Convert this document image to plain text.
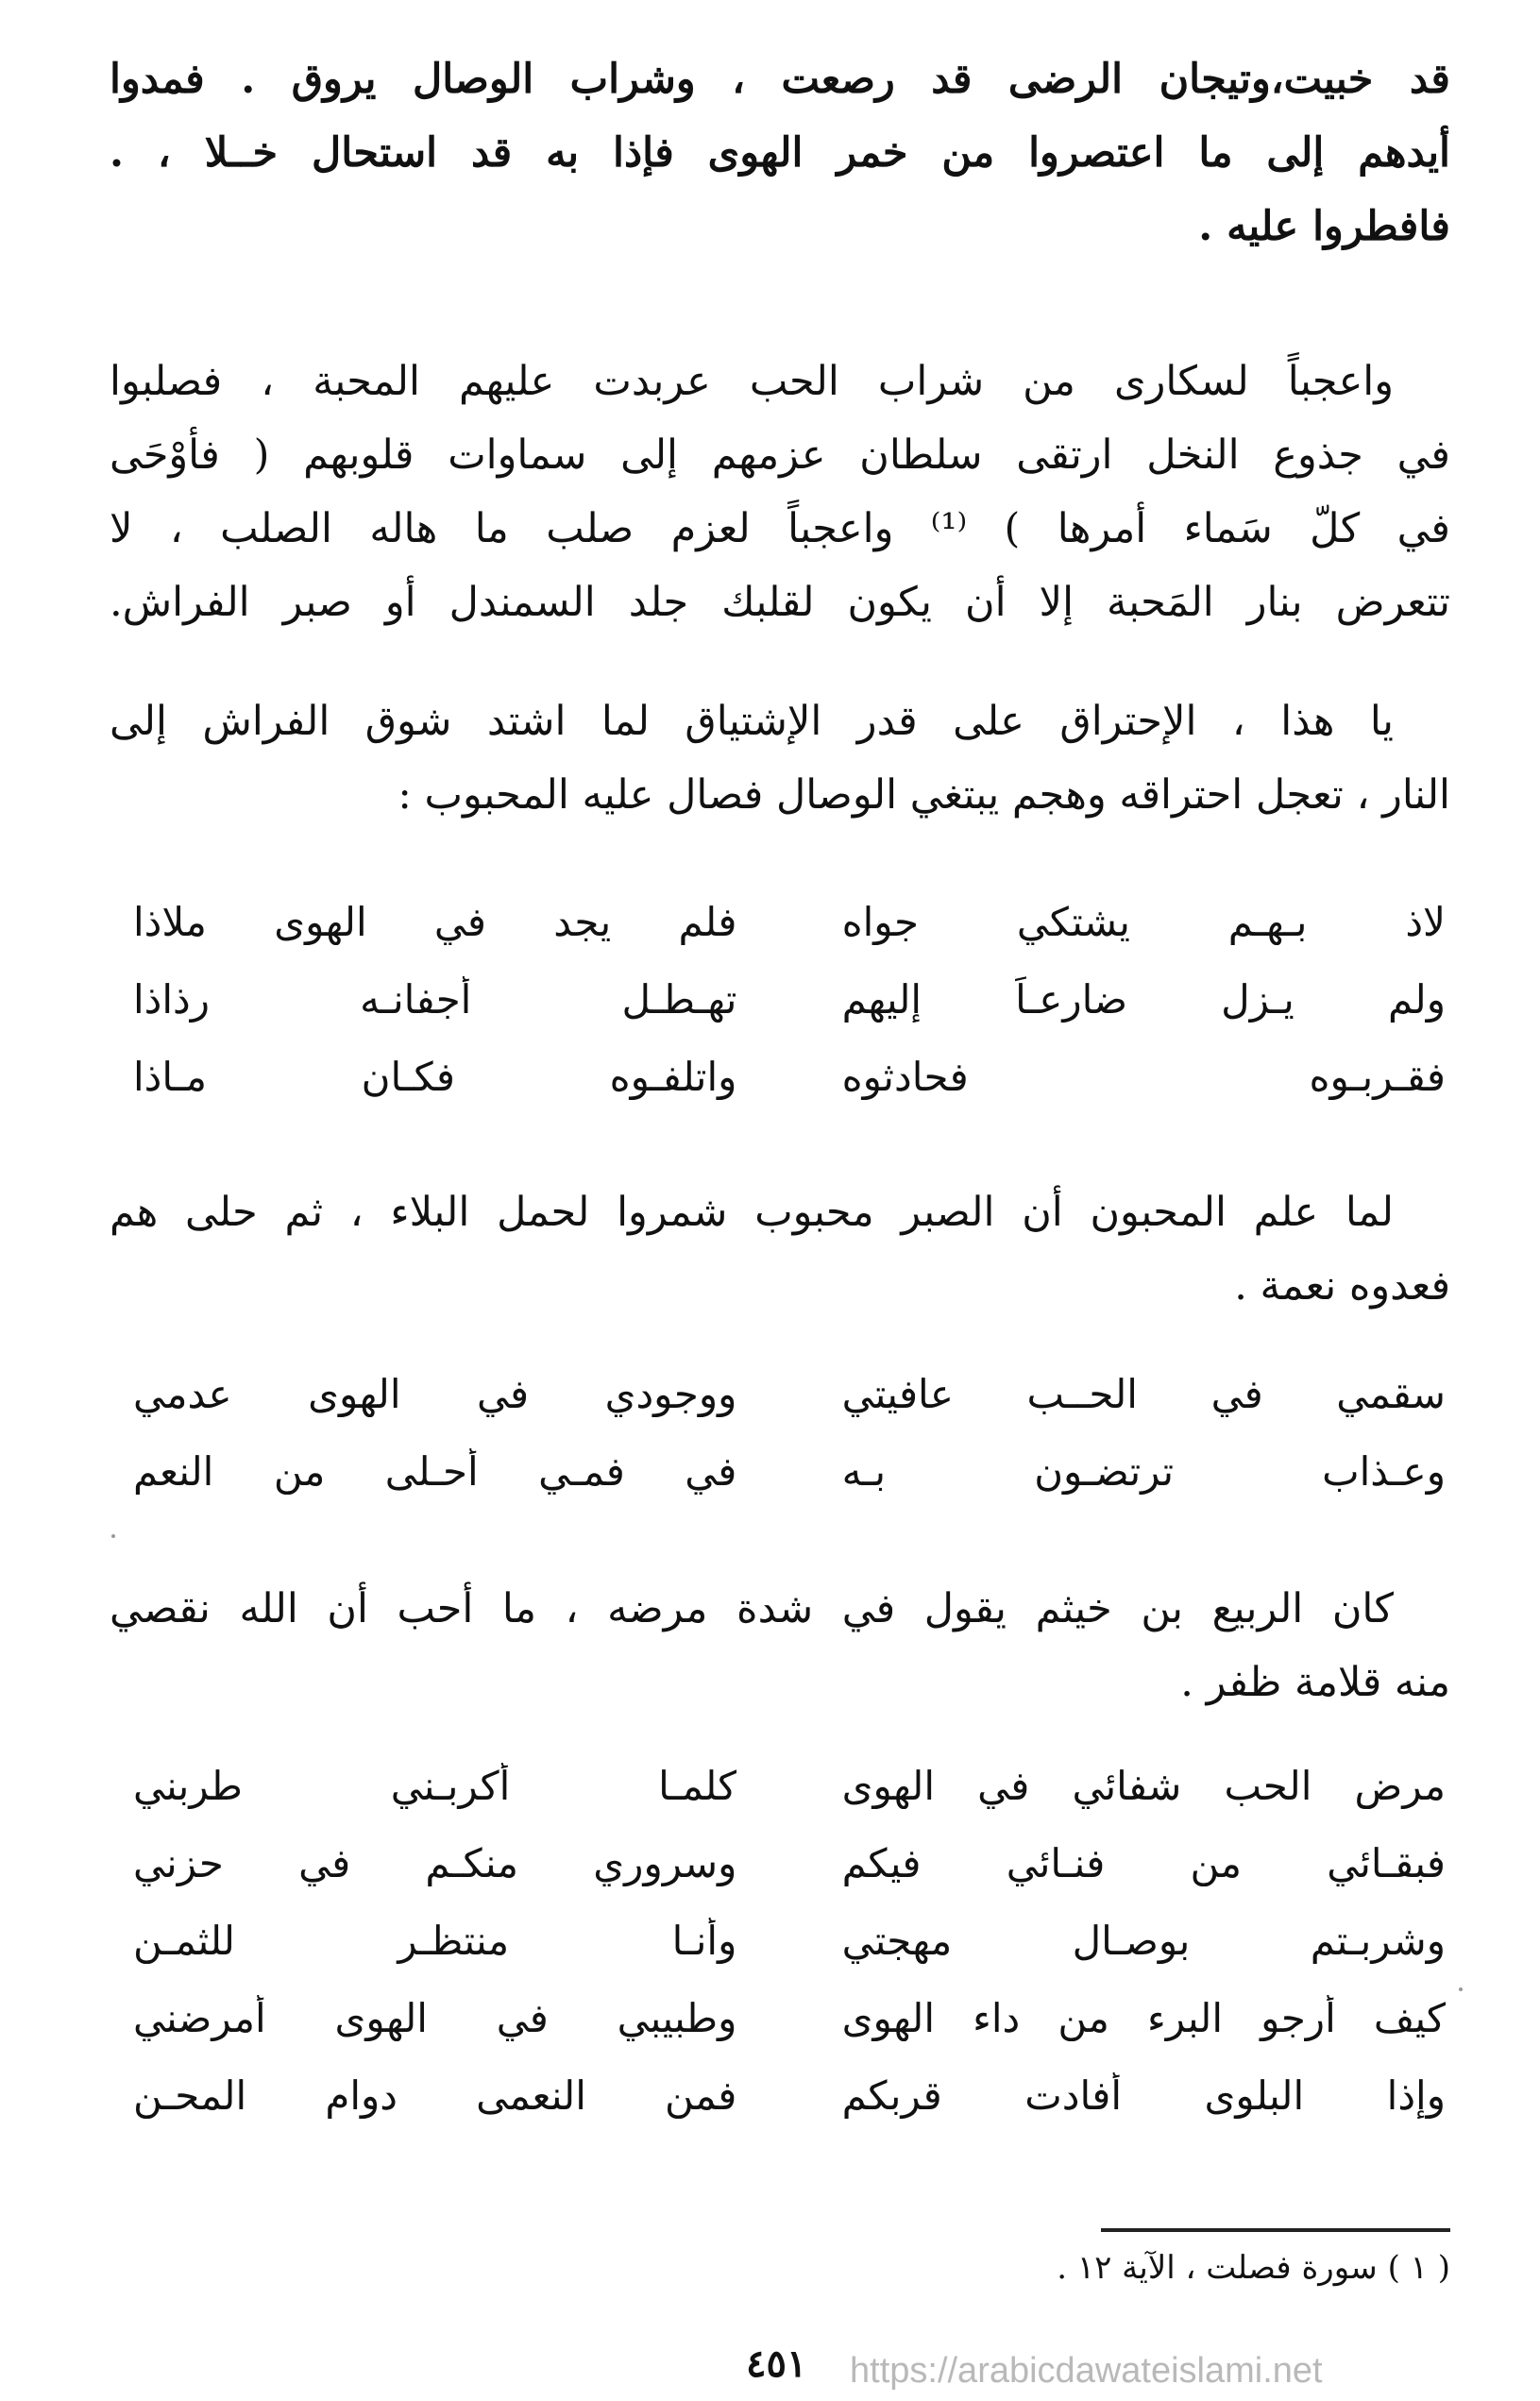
قد خبيت،وتيجان الرضى قد رصعت ، وشراب الوصال يروق . فمدوا
أيدهم إلى ما اعتصروا من خمر الهوى فإذا به قد استحال خــلا ، .
فافطروا عليه .
واعجباً لسكارى من شراب الحب عربدت عليهم المحبة ، فصلبوا
في جذوع النخل ارتقى سلطان عزمهم إلى سماوات قلوبهم ( فأوْحَى
في كلّ سَماء أمرها ) ⁽¹⁾ واعجباً لعزم صلب ما هاله الصلب ، لا
تتعرض بنار المَحبة إلا أن يكون لقلبك جلد السمندل أو صبر الفراش.
يا هذا ، الإحتراق على قدر الإشتياق لما اشتد شوق الفراش إلى
النار ، تعجل احتراقه وهجم يبتغي الوصال فصال عليه المحبوب :
لاذ بـهـم يشتكي جواه
فلم يجد في الهوى ملاذا
ولم يـزل ضارعـاً إليهم
تهـطـل أجفانـه رذاذا
فقـربـوه فحادثوه
واتلفـوه فكـان مـاذا
لما علم المحبون أن الصبر محبوب شمروا لحمل البلاء ، ثم حلى هم
فعدوه نعمة .
سقمي في الحــب عافيتي
ووجودي في الهوى عدمي
وعـذاب ترتضـون بـه
في فمـي أحـلى من النعم
كان الربيع بن خيثم يقول في شدة مرضه ، ما أحب أن الله نقصي
منه قلامة ظفر .
مرض الحب شفائي في الهوى
كلمـا أكربـني طربني
فبقـائي من فنـائي فيكم
وسروري منكـم في حزني
وشربـتم بوصـال مهجتي
وأنـا منتظـر للثمـن
كيف أرجو البرء من داء الهوى
وطبيبي في الهوى أمرضني
وإذا البلوى أفادت قربكم
فمن النعمى دوام المحـن
( ١ ) سورة فصلت ، الآية ١٢ .
٤٥١ https://arabicdawateislami.net
